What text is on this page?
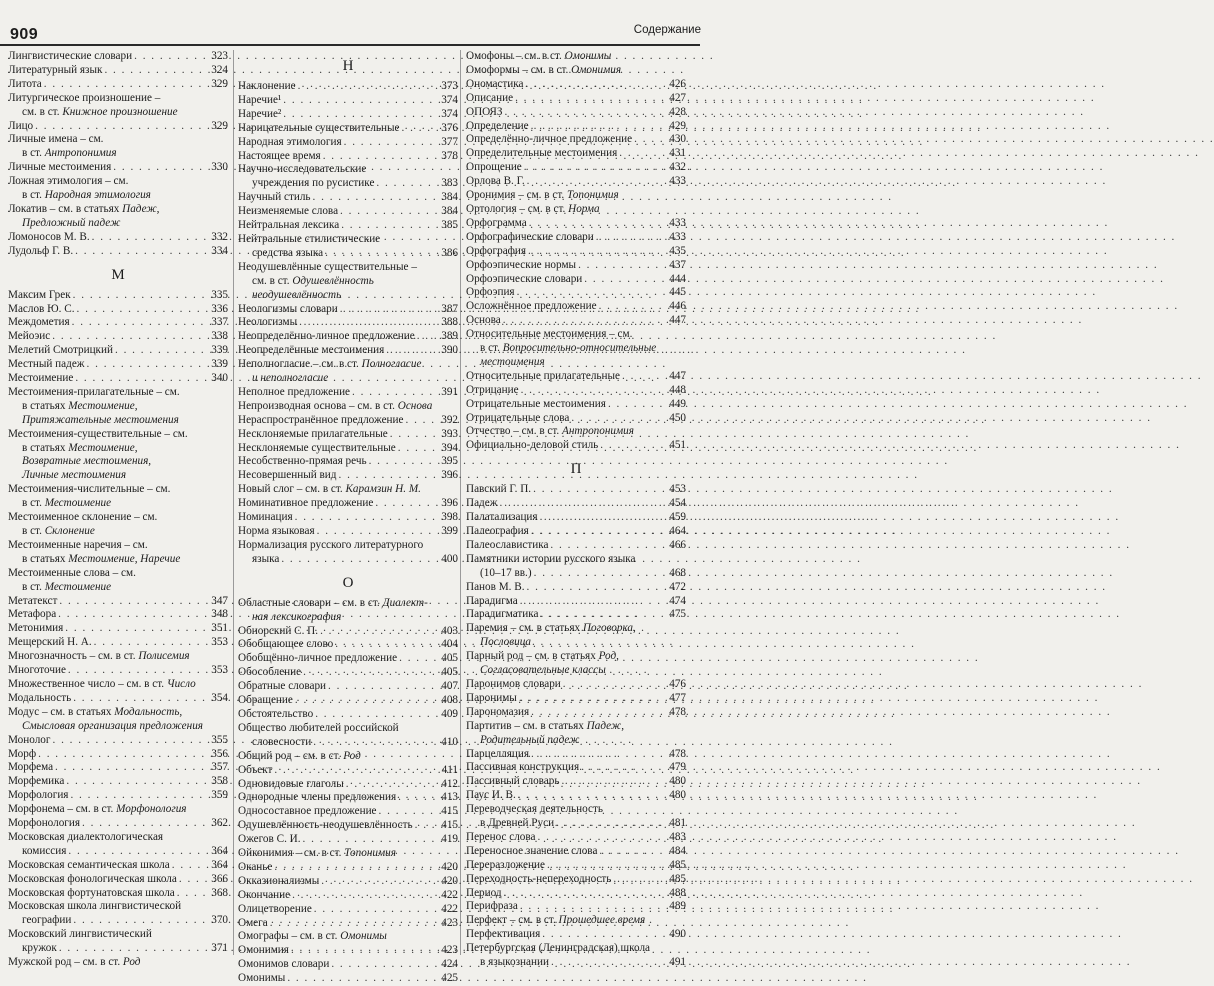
909	Содержание
Лингвистические словари . . .	323
Литературный язык . . .	324
Литота . . .	329
Литургическое произношение –
см. в ст. Книжное произношение
Лицо . . .	329
Личные имена – см.
в ст. Антропонимия
Личные местоимения . . .	330
Ложная этимология – см.
в ст. Народная этимология
Локатив – см. в статьях Падеж,
Предложный падеж
Ломоносов М. В. . . .	332
Лудольф Г. В. . . .	334
М
Максим Грек . . .	335
Маслов Ю. С. . . .	336
Междометия . . .	337
Мейоэис . . .	338
Мелетий Смотрицкий . . .	339
Местный падеж . . .	339
Местоимение . . .	340
Местоимения-прилагательные – см.
в статьях Местоимение,
Притяжательные местоимения
Местоимения-существительные – см.
в статьях Местоимение,
Возвратные местоимения,
Личные местоимения
Местоимения-числительные – см.
в ст. Местоимение
Местоименное склонение – см.
в ст. Склонение
Местоименные наречия – см.
в статьях Местоимение, Наречие
Местоименные слова – см.
в ст. Местоимение
Метатекст . . .	347
Метафора . . .	348
Метонимия . . .	351
Мещерский Н. А. . . .	353
Многозначность – см. в ст. Полисемия
Многоточие . . .	353
Множественное число – см. в ст. Число
Модальность . . .	354
Модус – см. в статьях Модальность,
Смысловая организация предложения
Монолог . . .	355
Морф . . .	356
Морфема . . .	357
Морфемика . . .	358
Морфология . . .	359
Морфонема – см. в ст. Морфонология
Морфонология . . .	362
Московская диалектологическая
комиссия . . .	364
Московская семантическая школа . . .	364
Московская фонологическая школа . . .	366
Московская фортунатовская школа . . .	368
Московская школа лингвистической
географии . . .	370
Московский лингвистический
кружок . . .	371
Мужской род – см. в ст. Род
Н
Наклонение . . .	373
Наречие¹ . . .	374
Наречие² . . .	374
Нарицательные существительные . . .	376
Народная этимология . . .	377
Настоящее время . . .	378
Научно-исследовательские
учреждения по русистике . . .	383
Научный стиль . . .	384
Неизменяемые слова . . .	384
Нейтральная лексика . . .	385
Нейтральные стилистические
средства языка . . .	386
Неодушевлённые существительные –
см. в ст. Одушевлённость
неодушевлённость
Неологизмы словари . . .	387
Неологизмы . . .	388
Неопределённо-личное предложение . . . 389
Неопределённые местоимения . . .	390
Неполногласие – см. в ст. Полногласие
и неполногласие
Неполное предложение . . .	391
Непроизводная основа – см. в ст. Основа
Нераспространённое предложение . . .	392
Несклоняемые прилагательные . . .	393
Несклоняемые существительные . . .	394
Несобственно-прямая речь . . .	395
Несовершенный вид . . .	396
Новый слог – см. в ст. Карамзин Н. М.
Номинативное предложение . . .	396
Номинация . . .	398
Норма языковая . . .	399
Нормализация русского литературного
языка . . .	400
О
Областные словари – см. в ст. Диалект-
ная лексикография
Обнорский С. П. . . .	403
Обобщающее слово . . .	404
Обобщённо-личное предложение . . .	405
Обособление . . .	405
Обратные словари . . .	407
Обращение . . .	408
Обстоятельство . . .	409
Общество любителей российской
словесности . . .	410
Общий род – см. в ст. Род
Объект . . .	411
Одновидовые глаголы . . .	412
Однородные члены предложения . . .	413
Односоставное предложение . . .	415
Одушевлённость-неодушевлённость . . .	415
Ожегов С. И. . . .	419
Ойконимия – см. в ст. Топонимия
Оканье . . .	420
Окказионализмы . . .	420
Окончание . . .	422
Олицетворение . . .	422
Омега . . .	423
Омографы – см. в ст. Омонимы
Омонимия . . .	423
Омонимов словари . . .	424
Омонимы . . .	425
Омофоны – см. в ст. Омонимы
Омоформы – см. в ст. Омонимия
Ономастика . . .	426
Описание . . .	427
ОПОЯЗ . . .	428
Определение . . .	429
Определённо-личное предложение . . .	430
Определительные местоимения . . .	431
Опрощение . . .	432
Орлова В. Г. . . .	433
Оронимия – см. в ст. Топонимия
Ортология – см. в ст. Норма
Орфограмма . . .	433
Орфографические словари . . .	433
Орфография . . .	435
Орфоэпические нормы . . .	437
Орфоэпические словари . . .	444
Орфоэпия . . .	445
Осложнённое предложение . . .	446
Основа . . .	447
Относительные местоимения – см.
в ст. Вопросительно-относительные
местоимения
Относительные прилагательные . . .	447
Отрицание . . .	448
Отрицательные местоимения . . .	449
Отрицательные слова . . .	450
Отчество – см. в ст. Антропонимия
Официально-деловой стиль . . .	451
П
Павский Г. П. . . .	453
Падеж . . .	454
Палатализация . . .	459
Палеография . . .	464
Палеославистика . . .	466
Памятники истории русского языка
(10–17 вв.) . . .	468
Панов М. В. . . .	472
Парадигма . . .	474
Парадигматика . . .	475
Паремия – см. в статьях Поговорка,
Пословица
Парный род – см. в статьях Род,
Согласовательные классы
Паронимов словари . . .	476
Паронимы . . .	477
Парономазия . . .	478
Партитив – см. в статьях Падеж,
Родительный падеж
Парцелляция . . .	478
Пассивная конструкция . . .	479
Пассивный словарь . . .	480
Паус И. В. . . .	480
Переводческая деятельность
в Древней Руси . . .	481
Перенос слова . . .	483
Переносное значение слова . . .	484
Переразложение . . .	485
Переходность-непереходность . . .	485
Период . . .	488
Перифраза . . .	489
Перфект – см. в ст. Прошедшее время
Перфективация . . .	490
Петербургская (Ленинградская) школа
в языкознании . . .	491
